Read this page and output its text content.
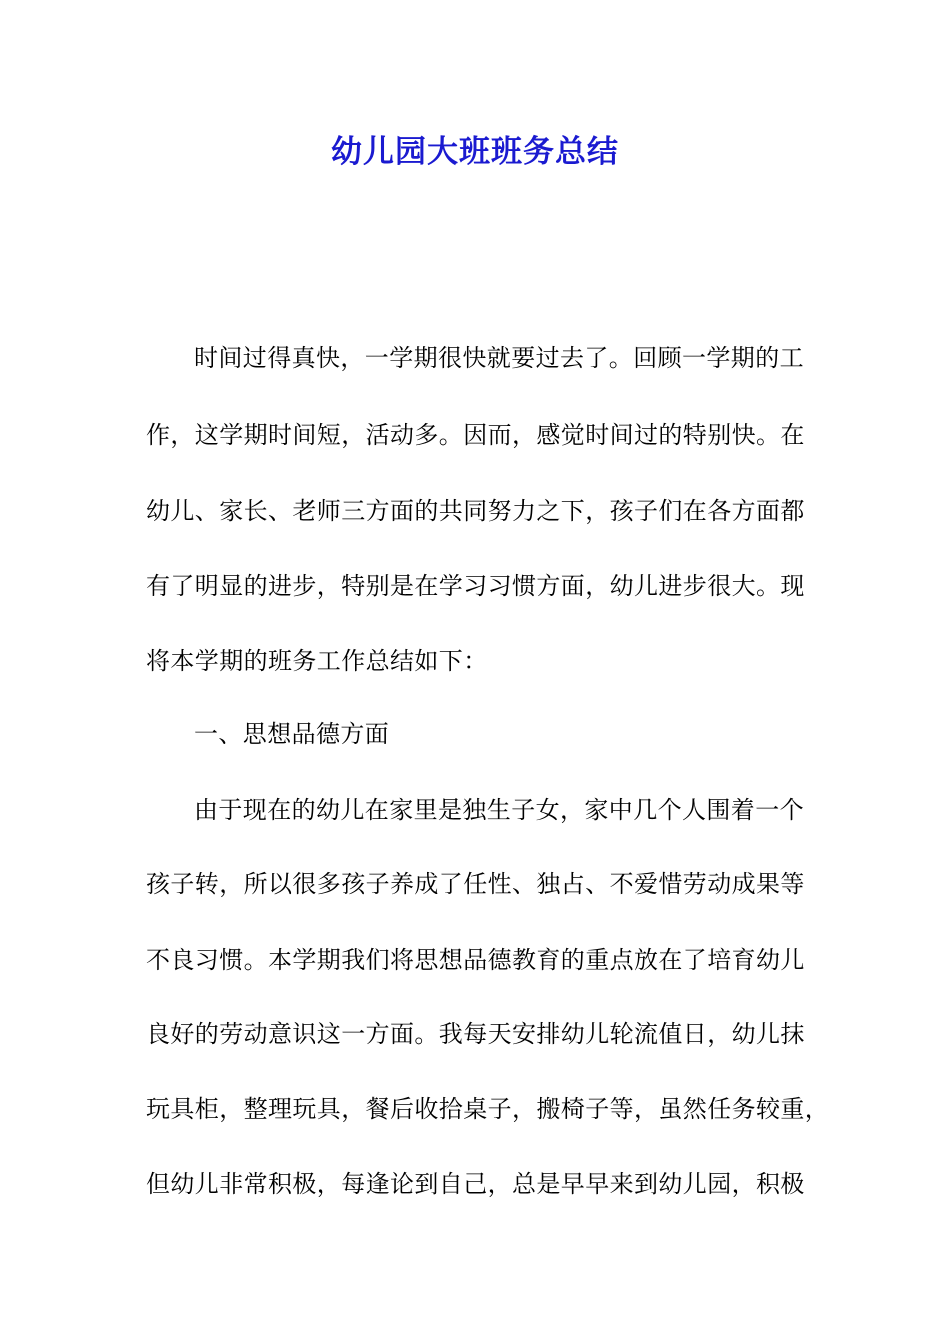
幼儿园大班班务总结
时间过得真快，一学期很快就要过去了。回顾一学期的工
作，这学期时间短，活动多。因而，感觉时间过的特别快。在
幼儿、家长、老师三方面的共同努力之下，孩子们在各方面都
有了明显的进步，特别是在学习习惯方面，幼儿进步很大。现
将本学期的班务工作总结如下：
一、思想品德方面
由于现在的幼儿在家里是独生子女，家中几个人围着一个
孩子转，所以很多孩子养成了任性、独占、不爱惜劳动成果等
不良习惯。本学期我们将思想品德教育的重点放在了培育幼儿
良好的劳动意识这一方面。我每天安排幼儿轮流值日，幼儿抹
玩具柜，整理玩具，餐后收拾桌子，搬椅子等，虽然任务较重，
但幼儿非常积极，每逢论到自己，总是早早来到幼儿园，积极
